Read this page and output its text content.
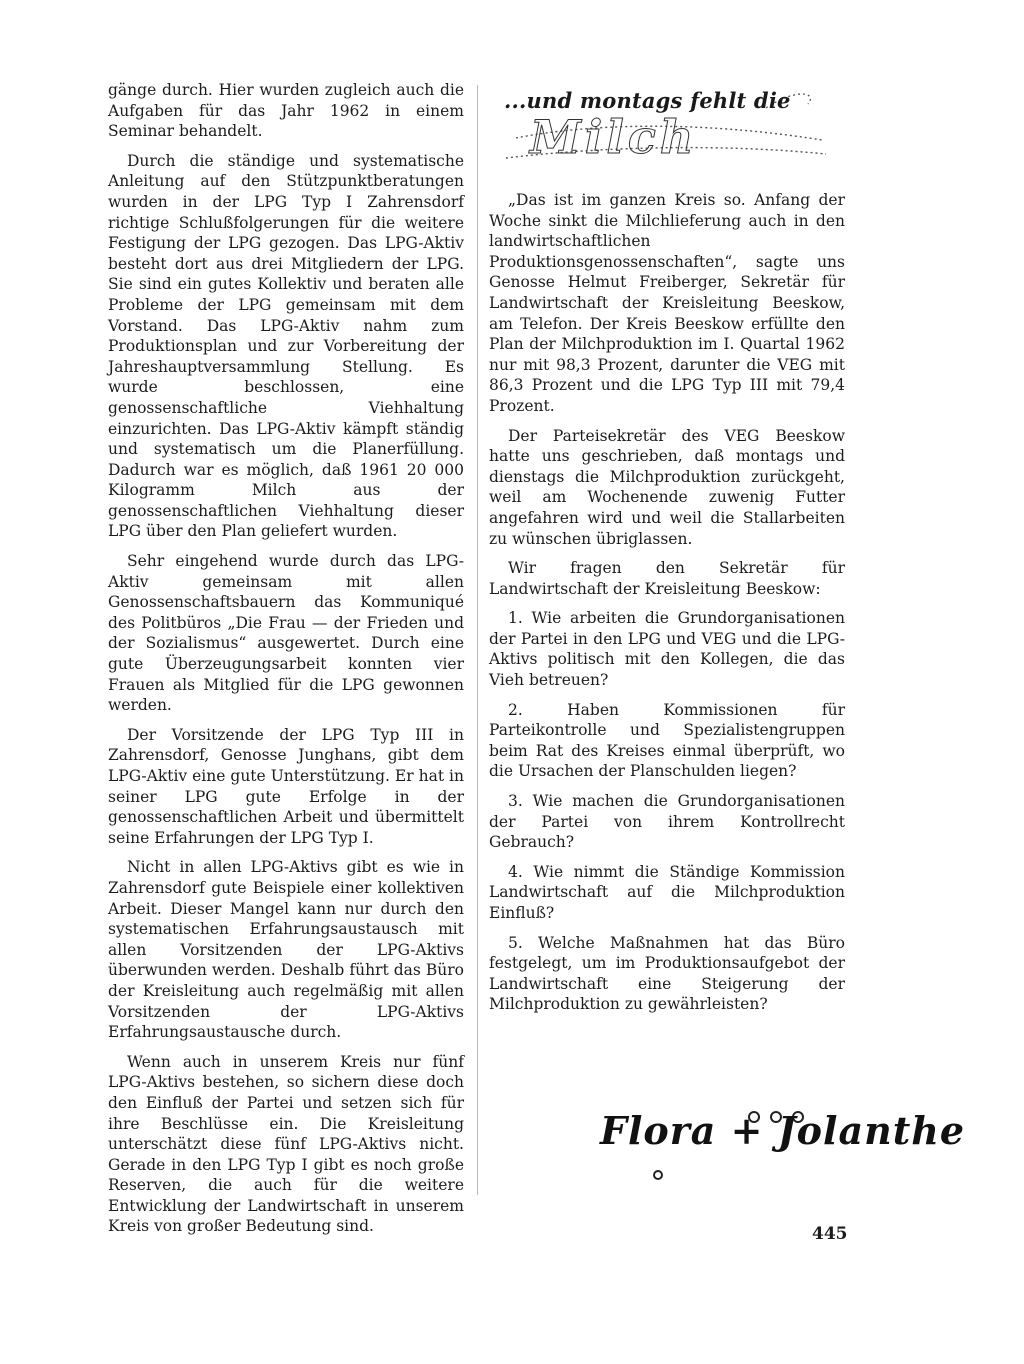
gänge durch. Hier wurden zugleich auch die Aufgaben für das Jahr 1962 in einem Seminar behandelt.

Durch die ständige und systematische Anleitung auf den Stützpunktberatungen wurden in der LPG Typ I Zahrensdorf richtige Schlußfolgerungen für die weitere Festigung der LPG gezogen. Das LPG-Aktiv besteht dort aus drei Mitgliedern der LPG. Sie sind ein gutes Kollektiv und beraten alle Probleme der LPG gemeinsam mit dem Vorstand. Das LPG-Aktiv nahm zum Produktionsplan und zur Vorbereitung der Jahreshauptversammlung Stellung. Es wurde beschlossen, eine genossenschaftliche Viehhaltung einzurichten. Das LPG-Aktiv kämpft ständig und systematisch um die Planerfüllung. Dadurch war es möglich, daß 1961 20 000 Kilogramm Milch aus der genossenschaftlichen Viehhaltung dieser LPG über den Plan geliefert wurden.

Sehr eingehend wurde durch das LPG-Aktiv gemeinsam mit allen Genossenschaftsbauern das Kommuniqué des Politbüros „Die Frau — der Frieden und der Sozialismus“ ausgewertet. Durch eine gute Überzeugungsarbeit konnten vier Frauen als Mitglied für die LPG gewonnen werden.

Der Vorsitzende der LPG Typ III in Zahrensdorf, Genosse Junghans, gibt dem LPG-Aktiv eine gute Unterstützung. Er hat in seiner LPG gute Erfolge in der genossenschaftlichen Arbeit und übermittelt seine Erfahrungen der LPG Typ I.

Nicht in allen LPG-Aktivs gibt es wie in Zahrensdorf gute Beispiele einer kollektiven Arbeit. Dieser Mangel kann nur durch den systematischen Erfahrungsaustausch mit allen Vorsitzenden der LPG-Aktivs überwunden werden. Deshalb führt das Büro der Kreisleitung auch regelmäßig mit allen Vorsitzenden der LPG-Aktivs Erfahrungsaustausche durch.

Wenn auch in unserem Kreis nur fünf LPG-Aktivs bestehen, so sichern diese doch den Einfluß der Partei und setzen sich für ihre Beschlüsse ein. Die Kreisleitung unterschätzt diese fünf LPG-Aktivs nicht. Gerade in den LPG Typ I gibt es noch große Reserven, die auch für die weitere Entwicklung der Landwirtschaft in unserem Kreis von großer Bedeutung sind.

...und montags fehlt die
Milch

„Das ist im ganzen Kreis so. Anfang der Woche sinkt die Milchlieferung auch in den landwirtschaftlichen Produktionsgenossenschaften“, sagte uns Genosse Helmut Freiberger, Sekretär für Landwirtschaft der Kreisleitung Beeskow, am Telefon. Der Kreis Beeskow erfüllte den Plan der Milchproduktion im I. Quartal 1962 nur mit 98,3 Prozent, darunter die VEG mit 86,3 Prozent und die LPG Typ III mit 79,4 Prozent.

Der Parteisekretär des VEG Beeskow hatte uns geschrieben, daß montags und dienstags die Milchproduktion zurückgeht, weil am Wochenende zuwenig Futter angefahren wird und weil die Stallarbeiten zu wünschen übriglassen.

Wir fragen den Sekretär für Landwirtschaft der Kreisleitung Beeskow:

1. Wie arbeiten die Grundorganisationen der Partei in den LPG und VEG und die LPG-Aktivs politisch mit den Kollegen, die das Vieh betreuen?

2. Haben Kommissionen für Parteikontrolle und Spezialistengruppen beim Rat des Kreises einmal überprüft, wo die Ursachen der Planschulden liegen?

3. Wie machen die Grundorganisationen der Partei von ihrem Kontrollrecht Gebrauch?

4. Wie nimmt die Ständige Kommission Landwirtschaft auf die Milchproduktion Einfluß?

5. Welche Maßnahmen hat das Büro festgelegt, um im Produktionsaufgebot der Landwirtschaft eine Steigerung der Milchproduktion zu gewährleisten?

Flora + Jolanthe
445
